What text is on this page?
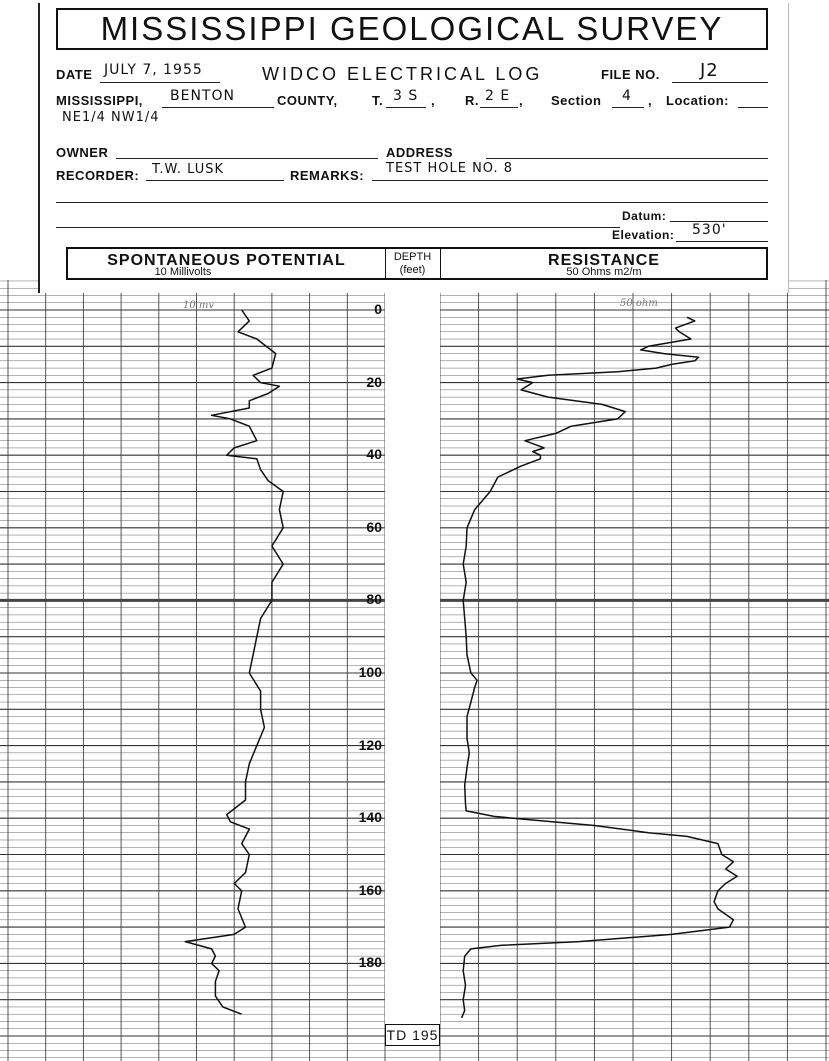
0
20
40
60
80
100
120
140
160
180
10 mv	50 ohm
TD 195
MISSISSIPPI GEOLOGICAL SURVEY
DATE JULY 7, 1955	WIDCO ELECTRICAL LOG	FILE NO. J2
MISSISSIPPI, BENTON	COUNTY,	T. 3 S , R. 2 E , Section 4 , Location:
NE1/4 NW1/4
OWNER	ADDRESS
RECORDER: T.W. LUSK	REMARKS: TEST HOLE NO. 8
Datum:
Elevation: 530'
SPONTANEOUS POTENTIAL
10 Millivolts
DEPTH
(feet)
RESISTANCE
50 Ohms m2/m
